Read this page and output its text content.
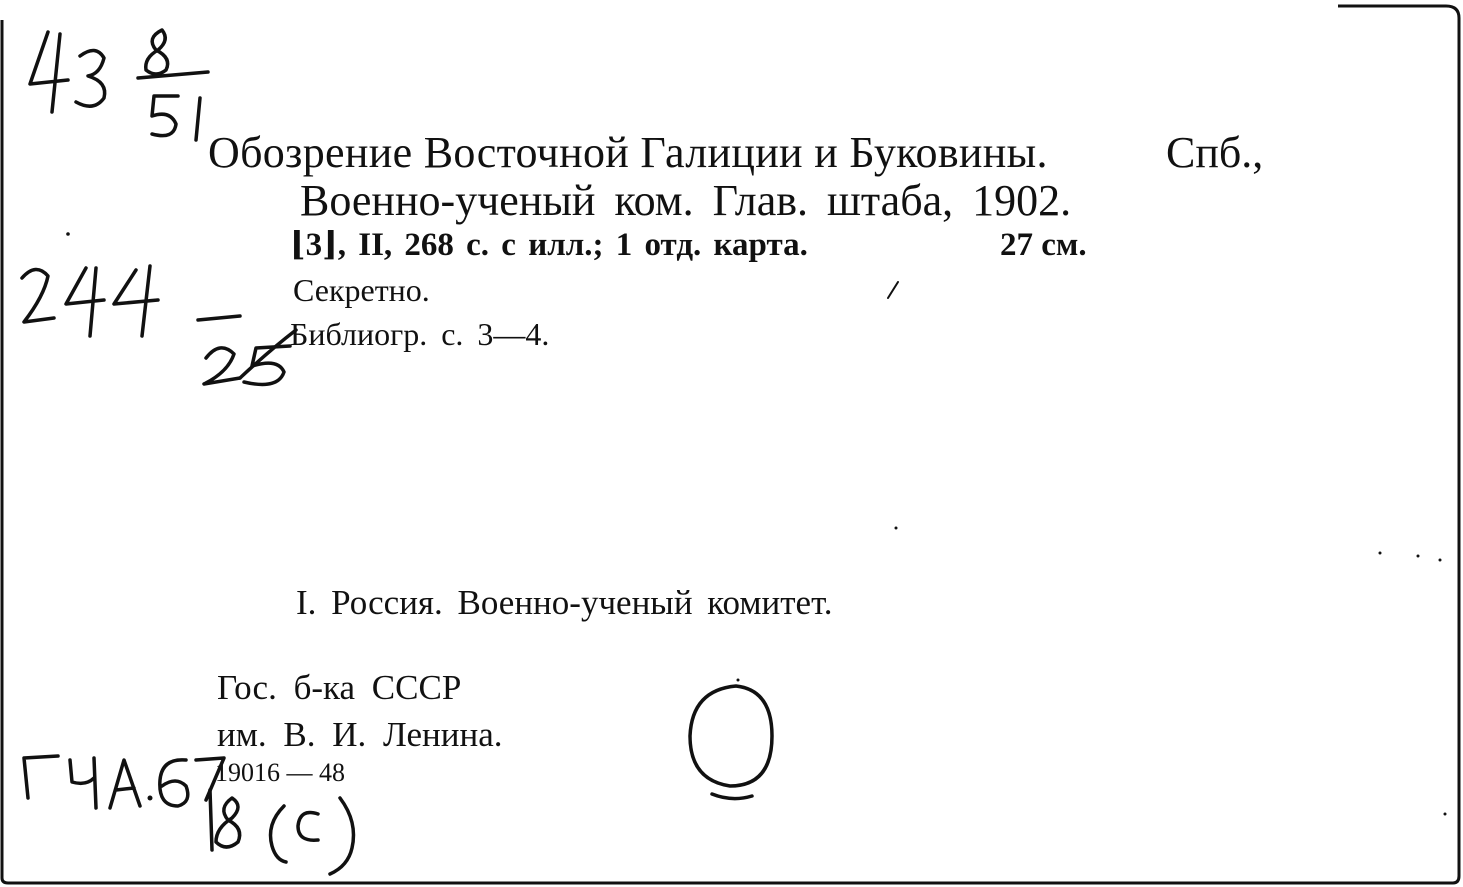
Обозрение Восточной Галиции и Буковины.	Спб.,
Военно-ученый ком. Глав. штаба, 1902.
⌊3⌋, II, 268 с. с илл.; 1 отд. карта.	27 см.
Секретно.
Библиогр. с. 3—4.
I. Россия. Военно-ученый комитет.
Гос. б-ка СССР
им. В. И. Ленина.
19016 — 48
